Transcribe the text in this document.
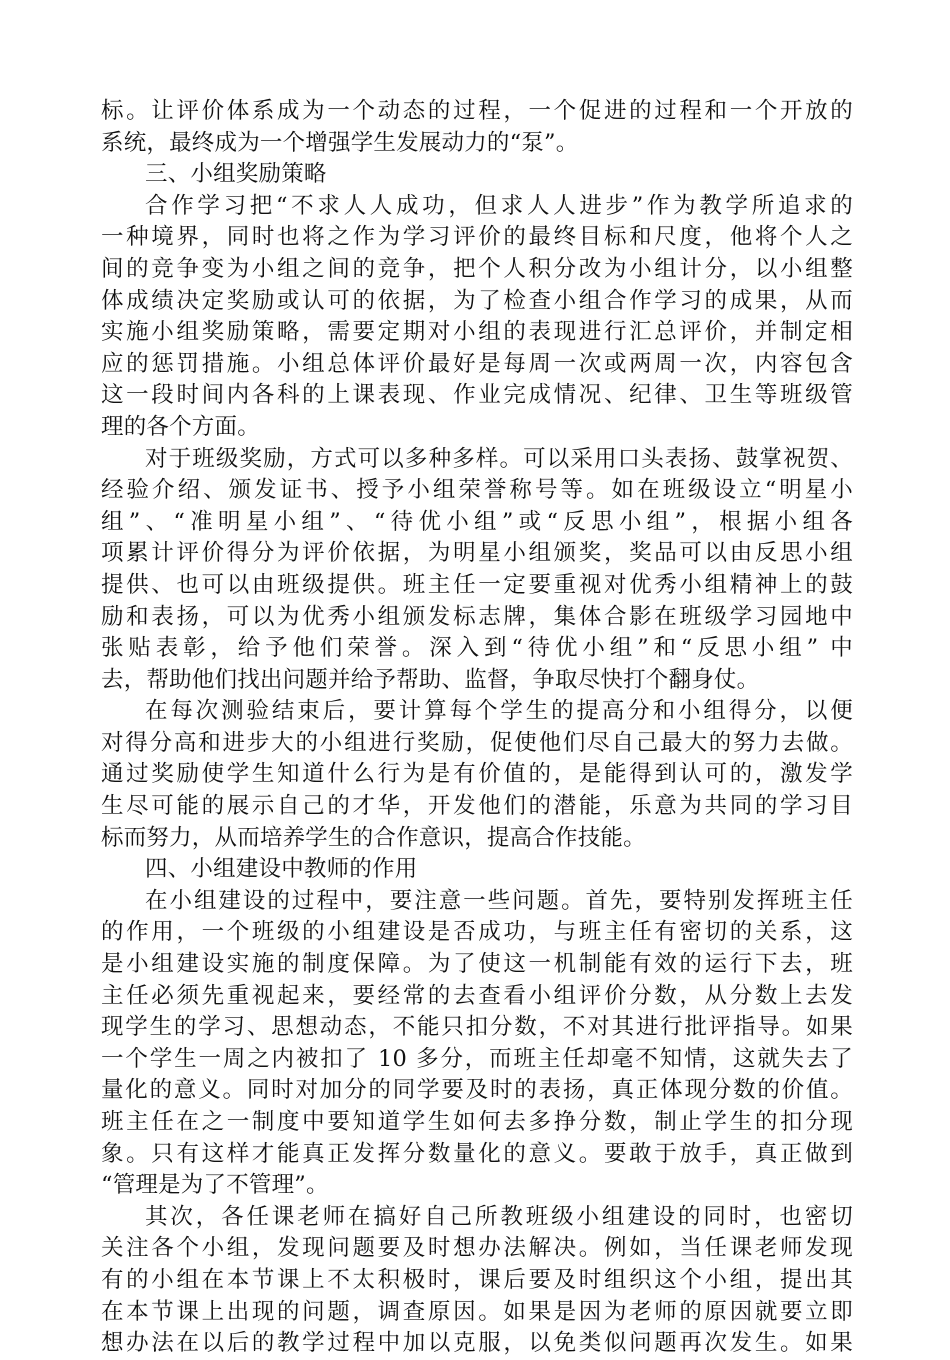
标。让评价体系成为一个动态的过程，一个促进的过程和一个开放的
系统，最终成为一个增强学生发展动力的“泵”。
三、小组奖励策略
合作学习把“不求人人成功，但求人人进步”作为教学所追求的
一种境界，同时也将之作为学习评价的最终目标和尺度，他将个人之
间的竞争变为小组之间的竞争，把个人积分改为小组计分，以小组整
体成绩决定奖励或认可的依据，为了检查小组合作学习的成果，从而
实施小组奖励策略，需要定期对小组的表现进行汇总评价，并制定相
应的惩罚措施。小组总体评价最好是每周一次或两周一次，内容包含
这一段时间内各科的上课表现、作业完成情况、纪律、卫生等班级管
理的各个方面。
对于班级奖励，方式可以多种多样。可以采用口头表扬、鼓掌祝贺、
经验介绍、颁发证书、授予小组荣誉称号等。如在班级设立“明星小
组”、“准明星小组”、“待优小组”或“反思小组”，根据小组各
项累计评价得分为评价依据，为明星小组颁奖，奖品可以由反思小组
提供、也可以由班级提供。班主任一定要重视对优秀小组精神上的鼓
励和表扬，可以为优秀小组颁发标志牌，集体合影在班级学习园地中
张贴表彰，给予他们荣誉。深入到“待优小组”和“反思小组” 中
去，帮助他们找出问题并给予帮助、监督，争取尽快打个翻身仗。
在每次测验结束后，要计算每个学生的提高分和小组得分，以便
对得分高和进步大的小组进行奖励，促使他们尽自己最大的努力去做。
通过奖励使学生知道什么行为是有价值的，是能得到认可的，激发学
生尽可能的展示自己的才华，开发他们的潜能，乐意为共同的学习目
标而努力，从而培养学生的合作意识，提高合作技能。
四、小组建设中教师的作用
在小组建设的过程中，要注意一些问题。首先，要特别发挥班主任
的作用，一个班级的小组建设是否成功，与班主任有密切的关系，这
是小组建设实施的制度保障。为了使这一机制能有效的运行下去，班
主任必须先重视起来，要经常的去查看小组评价分数，从分数上去发
现学生的学习、思想动态，不能只扣分数，不对其进行批评指导。如果
一个学生一周之内被扣了 10 多分，而班主任却毫不知情，这就失去了
量化的意义。同时对加分的同学要及时的表扬，真正体现分数的价值。
班主任在之一制度中要知道学生如何去多挣分数，制止学生的扣分现
象。只有这样才能真正发挥分数量化的意义。要敢于放手，真正做到
“管理是为了不管理”。
其次，各任课老师在搞好自己所教班级小组建设的同时，也密切
关注各个小组，发现问题要及时想办法解决。例如，当任课老师发现
有的小组在本节课上不太积极时，课后要及时组织这个小组，提出其
在本节课上出现的问题，调查原因。如果是因为老师的原因就要立即
想办法在以后的教学过程中加以克服，以免类似问题再次发生。如果
